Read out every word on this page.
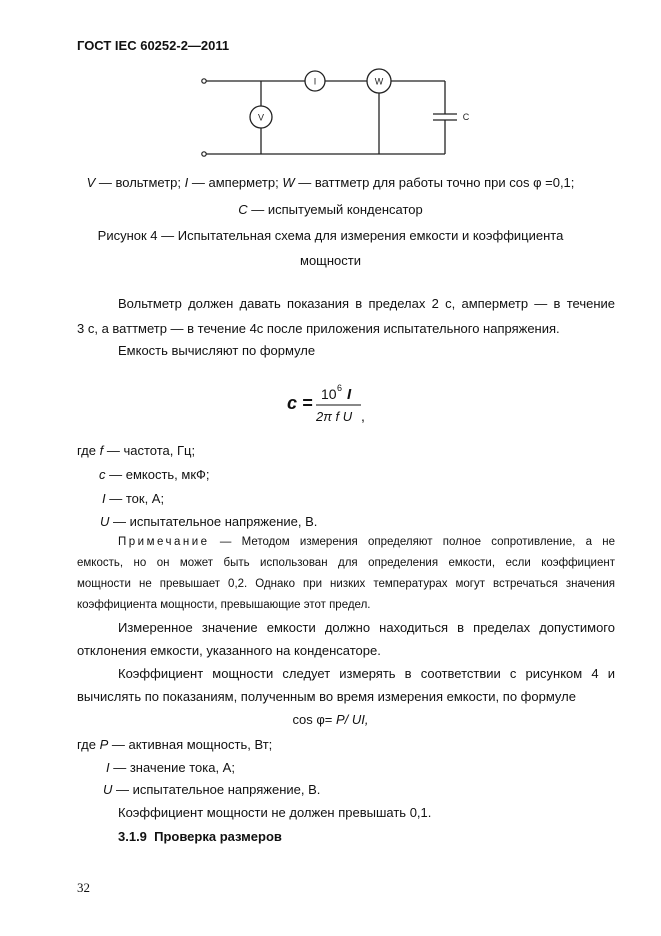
ГОСТ IEC 60252-2—2011
I	W
V	C
V — вольтметр; I — амперметр; W — ваттметр для работы точно при cos φ =0,1;
C — испытуемый конденсатор
Рисунок 4 — Испытательная схема для измерения емкости и коэффициента
мощности
Вольтметр должен давать показания в пределах 2 с, амперметр — в течение
3 с, а ваттметр — в течение 4с после приложения испытательного напряжения.
Емкость вычисляют по формуле
c = 10 6 I
2π f U ,
где f — частота, Гц;
c — емкость, мкФ;
I — ток, А;
U — испытательное напряжение, В.
Примечание — Методом измерения определяют полное сопротивление, а не
емкость, но он может быть использован для определения емкости, если коэффициент
мощности не превышает 0,2. Однако при низких температурах могут встречаться значения
коэффициента мощности, превышающие этот предел.
Измеренное значение емкости должно находиться в пределах допустимого
отклонения емкости, указанного на конденсаторе.
Коэффициент мощности следует измерять в соответствии с рисунком 4 и
вычислять по показаниям, полученным во время измерения емкости, по формуле
cos φ= P/ UI,
где P — активная мощность, Вт;
I — значение тока, А;
U — испытательное напряжение, В.
Коэффициент мощности не должен превышать 0,1.
3.1.9  Проверка размеров
32
